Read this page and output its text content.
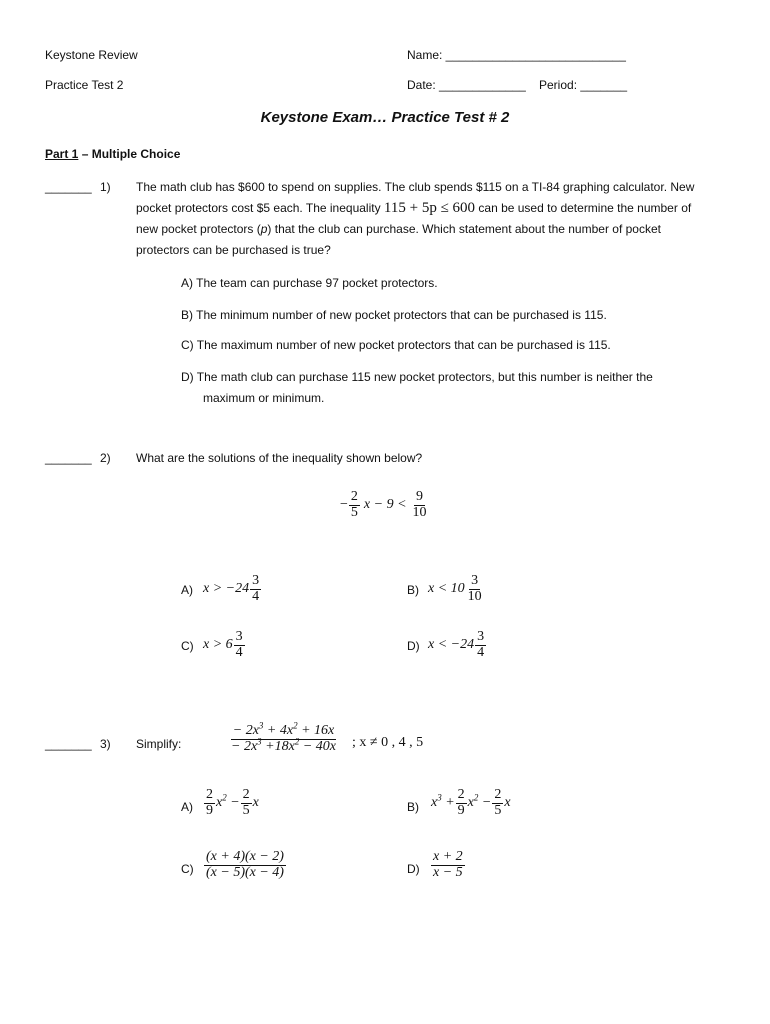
Keystone Review
Practice Test 2
Name: ___________________________
Date: _____________ Period: _______
Keystone Exam… Practice Test # 2
Part 1 – Multiple Choice
_______ 1) The math club has $600 to spend on supplies. The club spends $115 on a TI-84 graphing calculator. New
pocket protectors cost $5 each. The inequality 115 + 5p ≤ 600 can be used to determine the number of
new pocket protectors (p) that the club can purchase. Which statement about the number of pocket
protectors can be purchased is true?
A) The team can purchase 97 pocket protectors.
B) The minimum number of new pocket protectors that can be purchased is 115.
C) The maximum number of new pocket protectors that can be purchased is 115.
D) The math club can purchase 115 new pocket protectors, but this number is neither the
maximum or minimum.
_______ 2) What are the solutions of the inequality shown below?
− $\frac{2}{5}$ $x - 9 < \frac{9}{10}$
A) $x > -24 \frac{3}{4}$	B) $x < 10 \frac{3}{10}$
C) $x > 6 \frac{3}{4}$	D) $x < -24 \frac{3}{4}$
_______ 3) Simplify:	$\frac{- 2x^3 + 4x^2 + 16x}{- 2x^3 +18x^2 - 40x}$ ; x ≠ 0 , 4 , 5
$A) \frac{2}{9} x^2 - \frac{2}{5}$ x	B) $x^3 + \frac{2}{9} x^2 - \frac{2}{5}$ x
$C) \frac{(x + 4)(x - 2)}{(x - 5)(x - 4)}$	$D) \frac{x + 2}{x - 5}$
